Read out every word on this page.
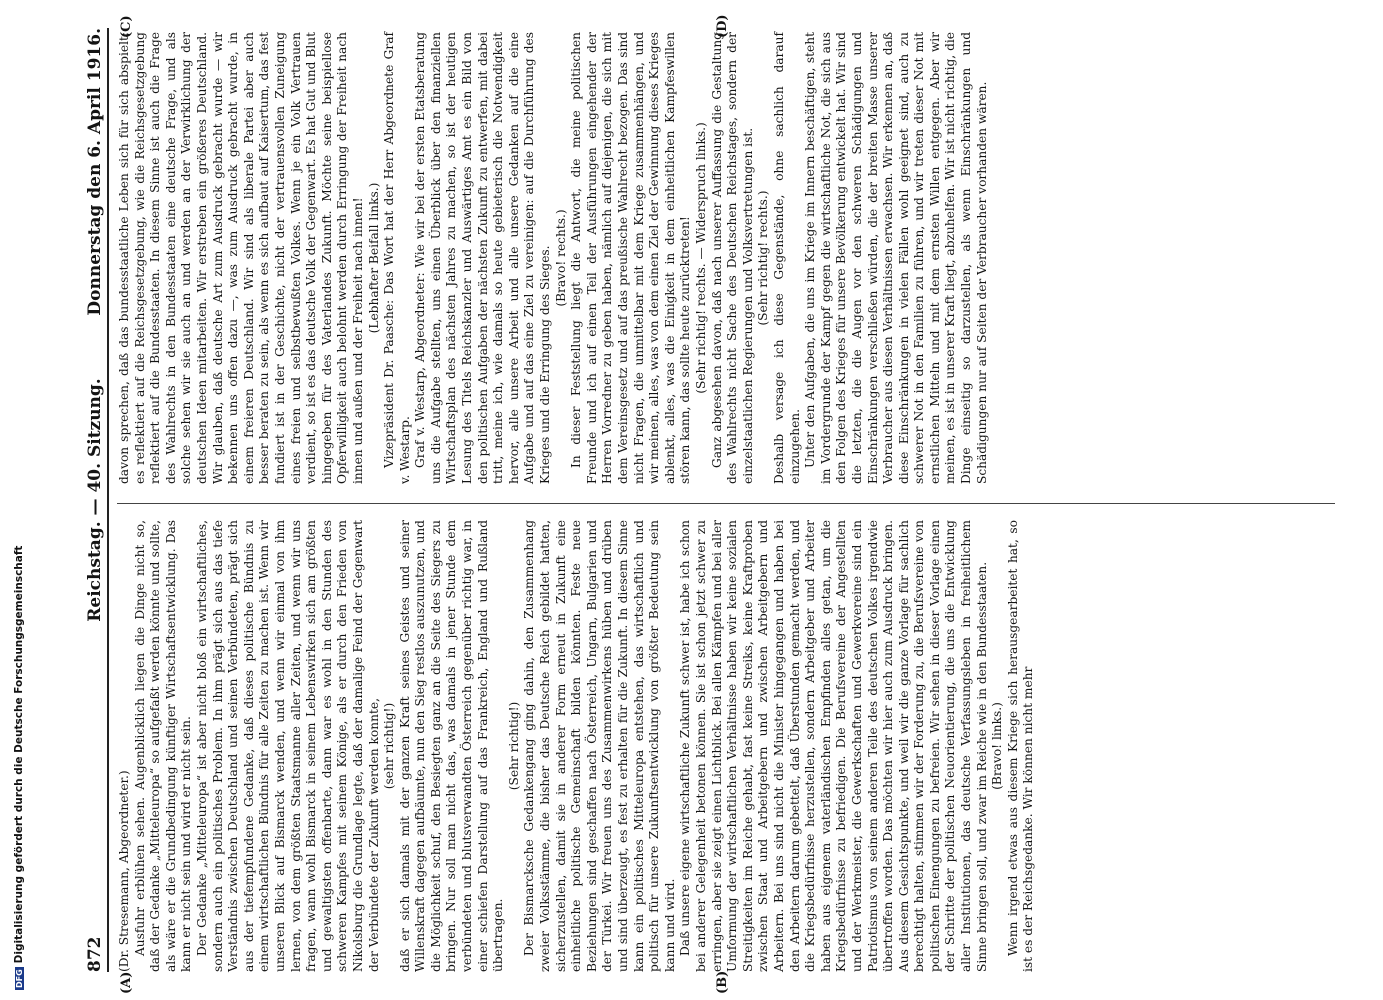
872
Reichstag. — 40. Sitzung.
Donnerstag den 6. April 1916.
(A)	(B)
(C)	(D)

(Dr. Stresemann, Abgeordneter.) Ausfuhr erblühen sehen. Augenblicklich liegen die Dinge nicht so, daß der Gedanke „Mitteleuropa“ so aufgefaßt werden könnte und sollte, als wäre er die Grundbedingung künftiger Wirtschaftsentwicklung. Das kann er nicht sein und wird er nicht sein. Der Gedanke „Mitteleuropa“ ist aber nicht bloß ein wirtschaftliches, sondern auch ein politisches Problem. In ihm prägt sich aus das tiefe Verständnis zwischen Deutschland und seinen Verbündeten, prägt sich aus der tiefempfundene Gedanke, daß dieses politische Bündnis zu einem wirtschaftlichen Bündnis für alle Zeiten zu machen ist. Wenn wir unseren Blick auf Bismarck wenden, und wenn wir einmal von ihm lernen, von dem größten Staatsmanne aller Zeiten, und wenn wir uns fragen, wann wohl Bismarck in seinem Lebenswirken sich am größten und gewaltigsten offenbarte, dann war es wohl in den Stunden des schweren Kampfes mit seinem Könige, als er durch den Frieden von Nikolsburg die Grundlage legte, daß der damalige Feind der Gegenwart der Verbündete der Zukunft werden konnte, (sehr richtig!) daß er sich damals mit der ganzen Kraft seines Geistes und seiner Willenskraft dagegen aufbäumte, nun den Sieg restlos auszunutzen, und die Möglichkeit schuf, den Besiegten ganz an die Seite des Siegers zu bringen. Nur soll man nicht das, was damals in jener Stunde dem verbündeten und blutsverwandten Österreich gegenüber richtig war, in einer schiefen Darstellung auf das Frankreich, England und Rußland übertragen.

(Sehr richtig!) Der Bismarcksche Gedankengang ging dahin, den Zusammenhang zweier Volksstämme, die bisher das Deutsche Reich gebildet hatten, sicherzustellen, damit sie in anderer Form erneut in Zukunft eine einheitliche politische Gemeinschaft bilden könnten. Feste neue Beziehungen sind geschaffen nach Österreich, Ungarn, Bulgarien und der Türkei. Wir freuen uns des Zusammenwirkens hüben und drüben und sind überzeugt, es fest zu erhalten für die Zukunft. In diesem Sinne kann ein politisches Mitteleuropa entstehen, das wirtschaftlich und politisch für unsere Zukunftsentwicklung von größter Bedeutung sein kann und wird. Daß unsere eigene wirtschaftliche Zukunft schwer ist, habe ich schon bei anderer Gelegenheit betonen können. Sie ist schon jetzt schwer zu erringen, aber sie zeigt einen Lichtblick. Bei allen Kämpfen und bei aller Umformung der wirtschaftlichen Verhältnisse haben wir keine sozialen Streitigkeiten im Reiche gehabt, fast keine Streiks, keine Kraftproben zwischen Staat und Arbeitgebern und zwischen Arbeitgebern und Arbeitern. Bei uns sind nicht die Minister hingegangen und haben bei den Arbeitern darum gebettelt, daß Überstunden gemacht werden, und die Kriegsbedürfnisse herzustellen, sondern Arbeitgeber und Arbeiter haben aus eigenem vaterländischen Empfinden alles getan, um die Kriegsbedürfnisse zu befriedigen. Die Berufsvereine der Angestellten und der Werkmeister, die Gewerkschaften und Gewerkvereine sind ein Patriotismus von seinem anderen Teile des deutschen Volkes irgendwie übertroffen worden. Das möchten wir hier auch zum Ausdruck bringen. Aus diesem Gesichtspunkte, und weil wir die ganze Vorlage für sachlich berechtigt halten, stimmen wir der Forderung zu, die Berufsvereine von politischen Einengungen zu befreien. Wir sehen in dieser Vorlage einen der Schritte der politischen Neuorientierung, die uns die Entwicklung aller Institutionen, das deutsche Verfassungsleben in freiheitlichem Sinne bringen soll, und zwar im Reiche wie in den Bundesstaaten. (Bravo! links.) Wenn irgend etwas aus diesem Kriege sich herausgearbeitet hat, so ist es der Reichsgedanke. Wir können nicht mehr

davon sprechen, daß das bundesstaatliche Leben sich für sich abspielt; es reflektiert auf die Reichsgesetzgebung, wie die Reichsgesetzgebung reflektiert auf die Bundesstaaten. In diesem Sinne ist auch die Frage des Wahlrechts in den Bundesstaaten eine deutsche Frage, und als solche sehen wir sie auch an und werden an der Verwirklichung der deutschen Ideen mitarbeiten. Wir erstreben ein größeres Deutschland. Wir glauben, daß deutsche Art zum Ausdruck gebracht wurde — wir bekennen uns offen dazu —, was zum Ausdruck gebracht wurde, in einem freieren Deutschland. Wir sind als liberale Partei aber auch besser beraten zu sein, als wenn es sich aufbaut auf Kaisertum, das fest fundiert ist in der Geschichte, nicht der vertrauensvollen Zuneigung eines freien und selbstbewußten Volkes. Wenn je ein Volk Vertrauen verdient, so ist es das deutsche Volk der Gegenwart. Es hat Gut und Blut hingegeben für des Vaterlandes Zukunft. Möchte seine beispiellose Opferwilligkeit auch belohnt werden durch Erringung der Freiheit nach innen und außen und der Freiheit nach innen! (Lebhafter Beifall links.) Vizepräsident Dr. Paasche: Das Wort hat der Herr Abgeordnete Graf v. Westarp. Graf v. Westarp, Abgeordneter: Wie wir bei der ersten Etatsberatung uns die Aufgabe stellten, uns einen Überblick über den finanziellen Wirtschaftsplan des nächsten Jahres zu machen, so ist der heutigen Lesung des Titels Reichskanzler und Auswärtiges Amt es ein Bild von den politischen Aufgaben der nächsten Zukunft zu entwerfen, mit dabei tritt, meine ich, wie damals so heute gebieterisch die Notwendigkeit hervor, alle unsere Arbeit und alle unsere Gedanken auf die eine Aufgabe und auf das eine Ziel zu vereinigen: auf die Durchführung des Krieges und die Erringung des Sieges. (Bravo! rechts.) In dieser Feststellung liegt die Antwort, die meine politischen Freunde und ich auf einen Teil der Ausführungen eingehender der Herren Vorredner zu geben haben, nämlich auf diejenigen, die sich mit dem Vereinsgesetz und auf das preußische Wahlrecht bezogen. Das sind nicht Fragen, die unmittelbar mit dem Kriege zusammenhängen, und wir meinen, alles, was von dem einen Ziel der Gewinnung dieses Krieges ablenkt, alles, was die Einigkeit in dem einheitlichen Kampfeswillen stören kann, das sollte heute zurücktreten! (Sehr richtig! rechts. — Widerspruch links.) Ganz abgesehen davon, daß nach unserer Auffassung die Gestaltung des Wahlrechts nicht Sache des Deutschen Reichstages, sondern der einzelstaatlichen Regierungen und Volksvertretungen ist. (Sehr richtig! rechts.) Deshalb versage ich diese Gegenstände, ohne sachlich darauf einzugehen. Unter den Aufgaben, die uns im Kriege im Innern beschäftigen, steht im Vordergrunde der Kampf gegen die wirtschaftliche Not, die sich aus den Folgen des Krieges für unsere Bevölkerung entwickelt hat. Wir sind die letzten, die die Augen vor den schweren Schädigungen und Einschränkungen verschließen würden, die der breiten Masse unserer Verbraucher aus diesen Verhältnissen erwachsen. Wir erkennen an, daß diese Einschränkungen in vielen Fällen wohl geeignet sind, auch zu schwerer Not in den Familien zu führen, und wir treten dieser Not mit ernstlichen Mitteln und mit dem ernsten Willen entgegen. Aber wir meinen, es ist in unserer Kraft liegt, abzuhelfen. Wir ist nicht richtig, die Dinge einseitig so darzustellen, als wenn Einschränkungen und Schädigungen nur auf Seiten der Verbraucher vorhanden wären.

DFGDigitalisierung gefördert durch die Deutsche Forschungsgemeinschaft
